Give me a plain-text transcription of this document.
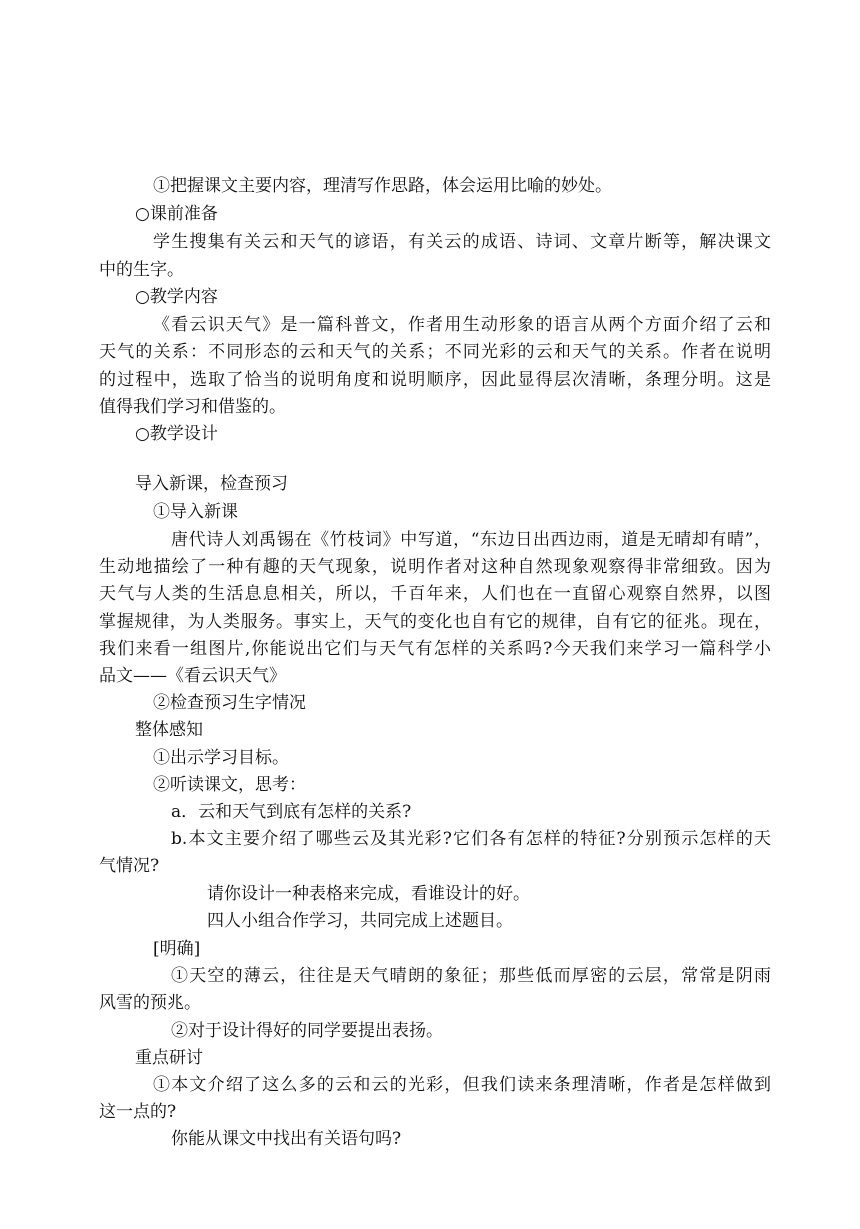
①把握课文主要内容，理清写作思路，体会运用比喻的妙处。
○课前准备
学生搜集有关云和天气的谚语，有关云的成语、诗词、文章片断等，解决课文
中的生字。
○教学内容
《看云识天气》是一篇科普文，作者用生动形象的语言从两个方面介绍了云和
天气的关系：不同形态的云和天气的关系；不同光彩的云和天气的关系。作者在说明
的过程中，选取了恰当的说明角度和说明顺序，因此显得层次清晰，条理分明。这是
值得我们学习和借鉴的。
○教学设计
导入新课，检查预习
①导入新课
唐代诗人刘禹锡在《竹枝词》中写道，“东边日出西边雨，道是无晴却有晴”，
生动地描绘了一种有趣的天气现象，说明作者对这种自然现象观察得非常细致。因为
天气与人类的生活息息相关，所以，千百年来，人们也在一直留心观察自然界，以图
掌握规律，为人类服务。事实上，天气的变化也自有它的规律，自有它的征兆。现在，
我们来看一组图片,你能说出它们与天气有怎样的关系吗?今天我们来学习一篇科学小
品文——《看云识天气》
②检查预习生字情况
整体感知
①出示学习目标。
②听读课文，思考：
a．云和天气到底有怎样的关系?
b.本文主要介绍了哪些云及其光彩?它们各有怎样的特征?分别预示怎样的天
气情况?
请你设计一种表格来完成，看谁设计的好。
四人小组合作学习，共同完成上述题目。
[明确]
①天空的薄云，往往是天气晴朗的象征；那些低而厚密的云层，常常是阴雨
风雪的预兆。
②对于设计得好的同学要提出表扬。
重点研讨
①本文介绍了这么多的云和云的光彩，但我们读来条理清晰，作者是怎样做到
这一点的?
你能从课文中找出有关语句吗?
